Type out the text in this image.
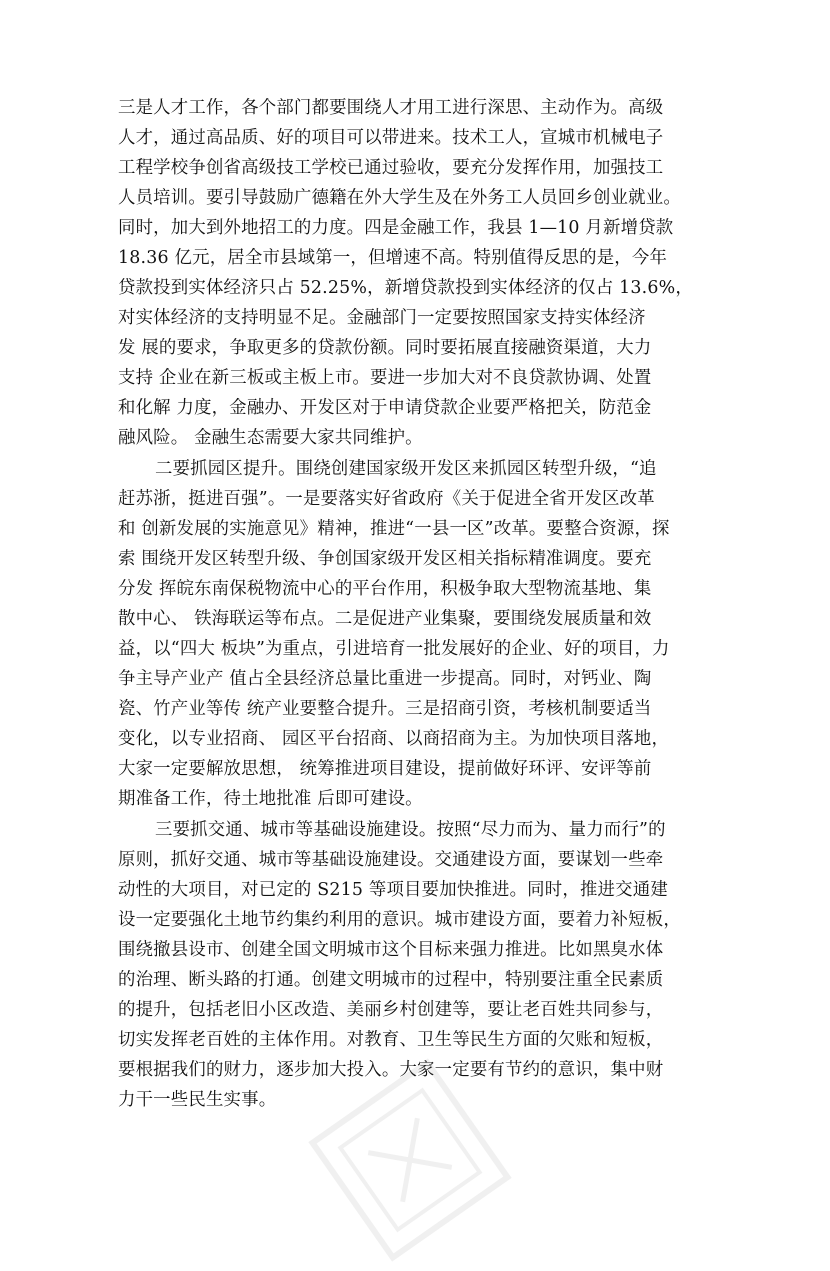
三是人才工作，各个部门都要围绕人才用工进行深思、主动作为。高级
人才，通过高品质、好的项目可以带进来。技术工人，宣城市机械电子
工程学校争创省高级技工学校已通过验收，要充分发挥作用，加强技工
人员培训。要引导鼓励广德籍在外大学生及在外务工人员回乡创业就业。
同时，加大到外地招工的力度。四是金融工作，我县 1—10 月新增贷款
18.36 亿元，居全市县域第一，但增速不高。特别值得反思的是，今年
贷款投到实体经济只占 52.25%，新增贷款投到实体经济的仅占 13.6%，
对实体经济的支持明显不足。金融部门一定要按照国家支持实体经济
发 展的要求，争取更多的贷款份额。同时要拓展直接融资渠道，大力
支持 企业在新三板或主板上市。要进一步加大对不良贷款协调、处置
和化解 力度，金融办、开发区对于申请贷款企业要严格把关，防范金
融风险。 金融生态需要大家共同维护。
二要抓园区提升。围绕创建国家级开发区来抓园区转型升级，“追
赶苏浙，挺进百强”。一是要落实好省政府《关于促进全省开发区改革
和 创新发展的实施意见》精神，推进“一县一区”改革。要整合资源，探
索 围绕开发区转型升级、争创国家级开发区相关指标精准调度。要充
分发 挥皖东南保税物流中心的平台作用，积极争取大型物流基地、集
散中心、 铁海联运等布点。二是促进产业集聚，要围绕发展质量和效
益，以“四大 板块”为重点，引进培育一批发展好的企业、好的项目，力
争主导产业产 值占全县经济总量比重进一步提高。同时，对钙业、陶
瓷、竹产业等传 统产业要整合提升。三是招商引资，考核机制要适当
变化，以专业招商、 园区平台招商、以商招商为主。为加快项目落地，
大家一定要解放思想， 统筹推进项目建设，提前做好环评、安评等前
期准备工作，待土地批准 后即可建设。
三要抓交通、城市等基础设施建设。按照“尽力而为、量力而行”的
原则，抓好交通、城市等基础设施建设。交通建设方面，要谋划一些牵
动性的大项目，对已定的 S215 等项目要加快推进。同时，推进交通建
设一定要强化土地节约集约利用的意识。城市建设方面，要着力补短板，
围绕撤县设市、创建全国文明城市这个目标来强力推进。比如黑臭水体
的治理、断头路的打通。创建文明城市的过程中，特别要注重全民素质
的提升，包括老旧小区改造、美丽乡村创建等，要让老百姓共同参与，
切实发挥老百姓的主体作用。对教育、卫生等民生方面的欠账和短板，
要根据我们的财力，逐步加大投入。大家一定要有节约的意识，集中财
力干一些民生实事。
